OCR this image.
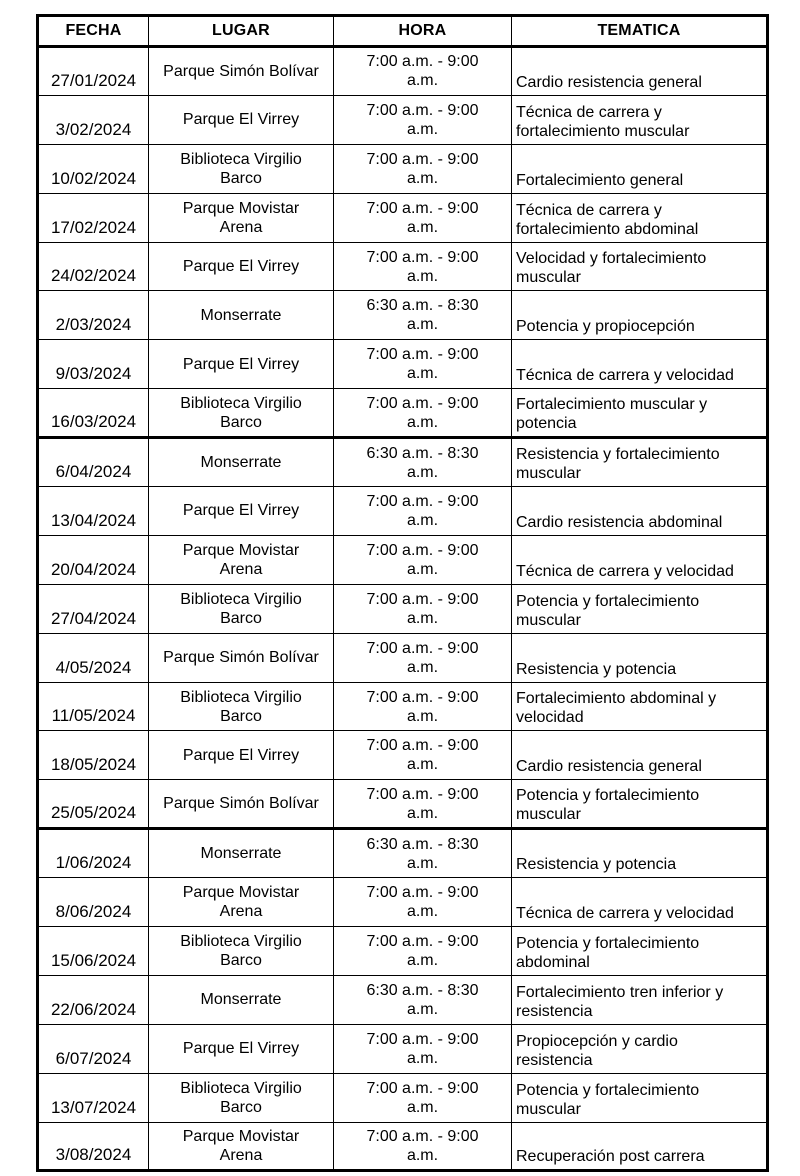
FECHA	LUGAR	HORA	TEMATICA
27/01/2024	Parque Simón Bolívar	7:00 a.m. - 9:00 a.m.	Cardio resistencia general
3/02/2024	Parque El Virrey	7:00 a.m. - 9:00 a.m.	Técnica de carrera y fortalecimiento muscular
10/02/2024	Biblioteca Virgilio Barco	7:00 a.m. - 9:00 a.m.	Fortalecimiento general
17/02/2024	Parque Movistar Arena	7:00 a.m. - 9:00 a.m.	Técnica de carrera y fortalecimiento abdominal
24/02/2024	Parque El Virrey	7:00 a.m. - 9:00 a.m.	Velocidad y fortalecimiento muscular
2/03/2024	Monserrate	6:30 a.m. - 8:30 a.m.	Potencia y propiocepción
9/03/2024	Parque El Virrey	7:00 a.m. - 9:00 a.m.	Técnica de carrera y velocidad
16/03/2024	Biblioteca Virgilio Barco	7:00 a.m. - 9:00 a.m.	Fortalecimiento muscular y potencia
6/04/2024	Monserrate	6:30 a.m. - 8:30 a.m.	Resistencia y fortalecimiento muscular
13/04/2024	Parque El Virrey	7:00 a.m. - 9:00 a.m.	Cardio resistencia abdominal
20/04/2024	Parque Movistar Arena	7:00 a.m. - 9:00 a.m.	Técnica de carrera y velocidad
27/04/2024	Biblioteca Virgilio Barco	7:00 a.m. - 9:00 a.m.	Potencia y fortalecimiento muscular
4/05/2024	Parque Simón Bolívar	7:00 a.m. - 9:00 a.m.	Resistencia y potencia
11/05/2024	Biblioteca Virgilio Barco	7:00 a.m. - 9:00 a.m.	Fortalecimiento abdominal y velocidad
18/05/2024	Parque El Virrey	7:00 a.m. - 9:00 a.m.	Cardio resistencia general
25/05/2024	Parque Simón Bolívar	7:00 a.m. - 9:00 a.m.	Potencia y fortalecimiento muscular
1/06/2024	Monserrate	6:30 a.m. - 8:30 a.m.	Resistencia y potencia
8/06/2024	Parque Movistar Arena	7:00 a.m. - 9:00 a.m.	Técnica de carrera y velocidad
15/06/2024	Biblioteca Virgilio Barco	7:00 a.m. - 9:00 a.m.	Potencia y fortalecimiento abdominal
22/06/2024	Monserrate	6:30 a.m. - 8:30 a.m.	Fortalecimiento tren inferior y resistencia
6/07/2024	Parque El Virrey	7:00 a.m. - 9:00 a.m.	Propiocepción y cardio resistencia
13/07/2024	Biblioteca Virgilio Barco	7:00 a.m. - 9:00 a.m.	Potencia y fortalecimiento muscular
3/08/2024	Parque Movistar Arena	7:00 a.m. - 9:00 a.m.	Recuperación post carrera
